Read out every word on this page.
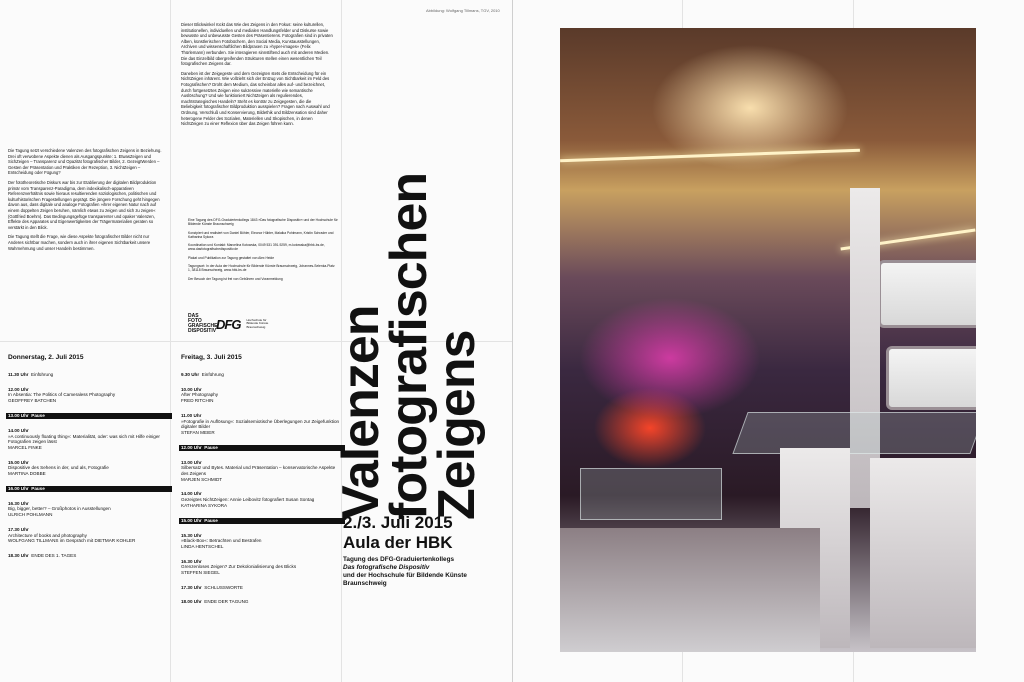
Abbildung: Wolfgang Tillmans, TGV, 2010

Die Tagung setzt verschiedene Valenzen des fotografischen Zeigens in Beziehung. Drei oft verwobene Aspekte dienen als Ausgangspunkte: 1. EtwasZeigen und SichZeigen – Transparenz und Opazität fotografischer Bilder, 2. GezeigtWerden – Gesten der Präsentation und Praktiken der Rezeption, 3. NichtZeigen – Entscheidung oder Fügung?

Der fototheoretische Diskurs war bis zur Etablierung der digitalen Bildproduktion primär vom Transparenz-Paradigma, dem indexikalisch-apparativen Referenzverhältnis sowie hieraus resultierenden soziologischen, politischen und kulturhistorischen Fragestellungen geprägt. Die jüngere Forschung geht hingegen davon aus, dass digitale und analoge Fotografien »ihrer eigenen Natur nach auf einem doppelten Zeigen beruhen, nämlich etwas zu zeigen und sich zu zeigen« (Gottfried Boehm). Das Bedingungsgefüge transparenter und opaker Valenzen, Effekte des Apparates und Eigenwertigkeiten der Trägermaterialien geraten so verstärkt in den Blick.

Die Tagung stellt die Frage, wie diese Aspekte fotografischer Bilder nicht nur Anderes sichtbar machen, sondern auch in ihrer eigenen Sichtbarkeit unsere Wahrnehmung und unser Handeln bestimmen.

Dieser Blickwinkel rückt das Wie des Zeigens in den Fokus: seine kulturellen, institutionellen, individuellen und medialen Handlungsfelder und Diskurse sowie bewusste und unbewusste Gesten des Präsentierens. Fotografien sind in privaten Alben, künstlerischen Fotobüchern, den Social Media, Kunstausstellungen, Archiven und wissenschaftlichen Bildpraxen zu »hyper-images« (Felix Thürlemann) verbunden. Sie interagieren sinnstiftend auch mit anderen Medien. Die das Einzelbild übergreifenden Strukturen stellen einen wesentlichen Teil fotografischen Zeigens dar.

Daneben ist der Zeigegeste und dem Gezeigten stets die Entscheidung für ein NichtZeigen inhärent. Wie vollzieht sich der Entzug von Sichtbarkeit im Feld des Fotografischen? Droht dem Medium, das scheinbar alles auf- und bezeichnet, durch fortgesetztes Zeigen eine sukzessive materielle wie semantische Auslöschung? Und wie funktioniert NichtZeigen als regulierendes, machtstrategisches Handeln? Steht es konträr zu Zeigegesten, die die Beliebigkeit fotografischer Bildproduktion ausspielen? Fragen nach Auswahl und Ordnung, Verschluß und Konservierung, Bildethik und Bildzensation sind daher heterogene Felder des Sozialen, Materiellen und Skopischen, in denen NichtZeigen zu einer Reflexion über das Zeigen führen kann.

Eine Tagung des DFG-Graduiertenkollegs 1843 »Das fotografische Dispositiv« und der Hochschule für Bildende Künste Braunschweig

Konzipiert und realisiert von Daniel Böhler, Eleonor Hübler, Malaika Pohlmann, Kristin Schrader und Katharina Sykora

Koordination und Kontakt: Marcelina Kotowska, 0049 531 391-9259, m.kotowska@hbk-bs.de, www.dasfotografischedispositiv.de

Plakat und Publikation zur Tagung gestaltet von Alex Heide

Tagungsort: In der Aula der Hochschule für Bildende Künste Braunschweig, Johannes-Selenka-Platz 1, 38118 Braunschweig, www.hbk-bs.de

Der Besuch der Tagung ist frei von Gebühren und Voranmeldung

DAS FOTO GRAFISCHE DISPOSITIV DFG Hochschule für Bildende Künste Braunschweig
Donnerstag, 2. Juli 2015
11.30 Uhr Einführung
12.00 Uhr
In Absentia: The Politics of Cameraless Photography
GEOFFREY BATCHEN
13.00 Uhr Pause
14.00 Uhr
»A continuously floating thing«: Materialität, oder: was sich mit Hilfe einiger Fotografien zeigen lässt
MARCEL FINKE
15.00 Uhr
Dispositive des Sehens in der, und als, Fotografie
MARTINA DOBBE
16.00 Uhr Pause
16.30 Uhr
Big, bigger, better? – Großphotos in Ausstellungen
ULRICH POHLMANN
17.30 Uhr
Architecture of books and photography
WOLFGANG TILLMANS im Gespräch mit DIETMAR KOHLER
18.30 Uhr ENDE DES 1. TAGES
Freitag, 3. Juli 2015
9.30 Uhr Einführung
10.00 Uhr
After Photography
FRED RITCHIN
11.00 Uhr
»Fotografie in Auflösung«: Sozialsemiotische Überlegungen zur Zeigefunktion digitaler Bilder
STEFAN MEIER
12.00 Uhr Pause
13.00 Uhr
Silbersatz und Bytes. Material und Präsentation – konservatorische Aspekte des Zeigens
MARJEN SCHMIDT
14.00 Uhr
Gezeigtes NichtZeigen: Annie Leibovitz fotografiert Susan Sontag
KATHARINA SYKORA
15.00 Uhr Pause
15.30 Uhr
»Black-Box«: Betrachten und Bestrafen
LINDA HENTSCHEL
16.30 Uhr
Grenzenloses Zeigen? Zur Dekolonialisierung des Blicks
STEFFEN SIEGEL
17.30 Uhr SCHLUSSWORTE
18.00 Uhr ENDE DER TAGUNG
Valenzen
fotografischen
Zeigens
2./3. Juli 2015
Aula der HBK
Tagung des DFG-Graduiertenkollegs
Das fotografische Dispositiv
und der Hochschule für Bildende Künste
Braunschweig
